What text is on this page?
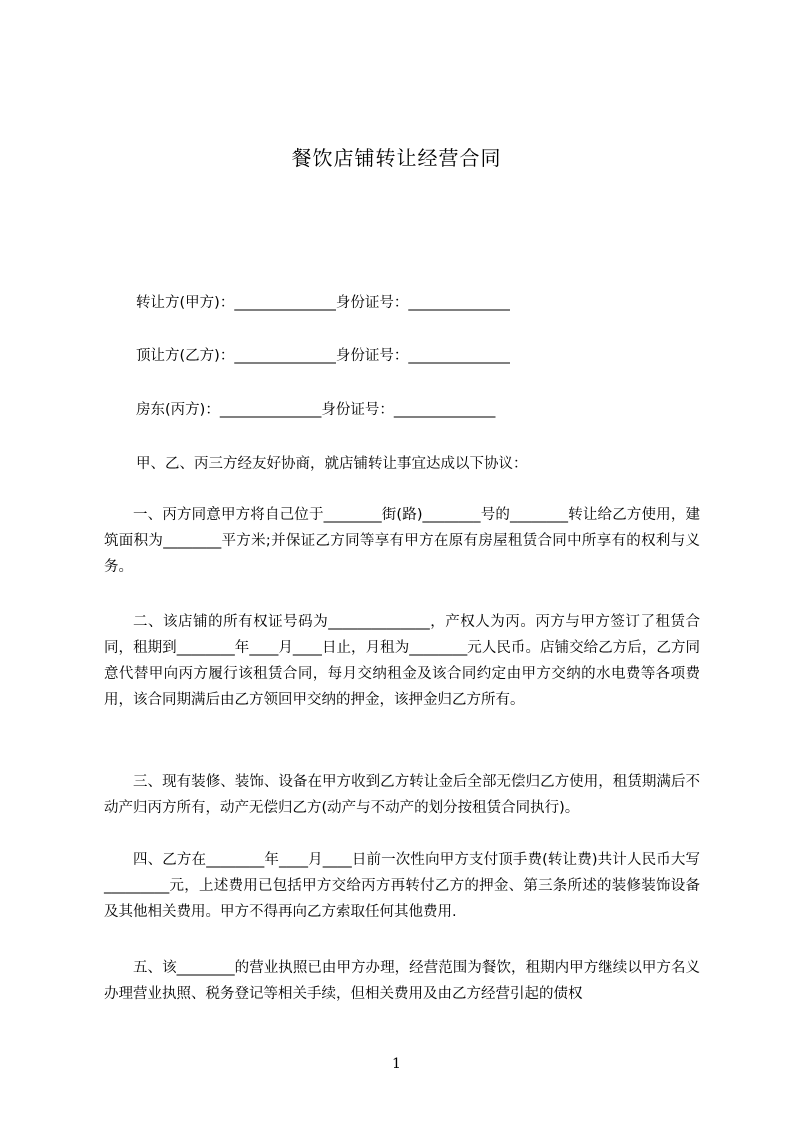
餐饮店铺转让经营合同

转让方(甲方)：______________身份证号：______________

顶让方(乙方)：______________身份证号：______________

房东(丙方)：______________身份证号：______________

甲、乙、丙三方经友好协商，就店铺转让事宜达成以下协议：

一、丙方同意甲方将自己位于________街(路)________号的________转让给乙方使用，建筑面积为________平方米;并保证乙方同等享有甲方在原有房屋租赁合同中所享有的权利与义务。

二、该店铺的所有权证号码为______________，产权人为丙。丙方与甲方签订了租赁合同，租期到________年____月____日止，月租为________元人民币。店铺交给乙方后，乙方同意代替甲向丙方履行该租赁合同，每月交纳租金及该合同约定由甲方交纳的水电费等各项费用，该合同期满后由乙方领回甲交纳的押金，该押金归乙方所有。

三、现有装修、装饰、设备在甲方收到乙方转让金后全部无偿归乙方使用，租赁期满后不动产归丙方所有，动产无偿归乙方(动产与不动产的划分按租赁合同执行)。

四、乙方在________年____月____日前一次性向甲方支付顶手费(转让费)共计人民币大写_________元，上述费用已包括甲方交给丙方再转付乙方的押金、第三条所述的装修装饰设备及其他相关费用。甲方不得再向乙方索取任何其他费用.

五、该________的营业执照已由甲方办理，经营范围为餐饮，租期内甲方继续以甲方名义办理营业执照、税务登记等相关手续，但相关费用及由乙方经营引起的债权

1
